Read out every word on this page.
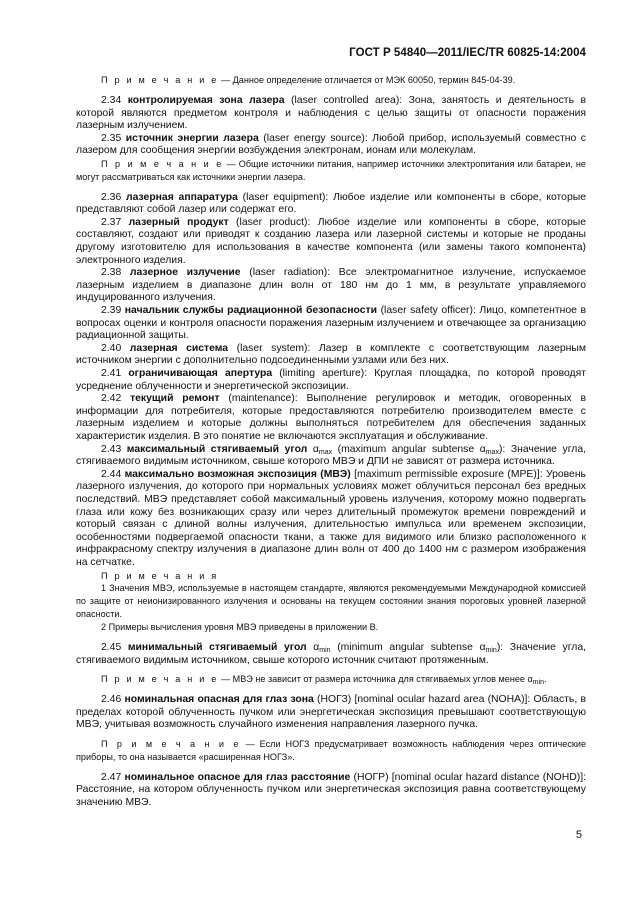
ГОСТ Р 54840—2011/IEC/TR 60825-14:2004

П р и м е ч а н и е — Данное определение отличается от МЭК 60050, термин 845-04-39.

2.34 контролируемая зона лазера (laser controlled area): Зона, занятость и деятельность в которой являются предметом контроля и наблюдения с целью защиты от опасности поражения лазерным излучением.

2.35 источник энергии лазера (laser energy source): Любой прибор, используемый совместно с лазером для сообщения энергии возбуждения электронам, ионам или молекулам.

П р и м е ч а н и е — Общие источники питания, например источники электропитания или батареи, не могут рассматриваться как источники энергии лазера.

2.36 лазерная аппаратура (laser equipment): Любое изделие или компоненты в сборе, которые представляют собой лазер или содержат его.

2.37 лазерный продукт (laser product): Любое изделие или компоненты в сборе, которые составляют, создают или приводят к созданию лазера или лазерной системы и которые не проданы другому изготовителю для использования в качестве компонента (или замены такого компонента) электронного изделия.

2.38 лазерное излучение (laser radiation): Все электромагнитное излучение, испускаемое лазерным изделием в диапазоне длин волн от 180 нм до 1 мм, в результате управляемого индуцированного излучения.

2.39 начальник службы радиационной безопасности (laser safety officer): Лицо, компетентное в вопросах оценки и контроля опасности поражения лазерным излучением и отвечающее за организацию радиационной защиты.

2.40 лазерная система (laser system): Лазер в комплекте с соответствующим лазерным источником энергии с дополнительно подсоединенными узлами или без них.

2.41 ограничивающая апертура (limiting aperture): Круглая площадка, по которой проводят усреднение облученности и энергетической экспозиции.

2.42 текущий ремонт (maintenance): Выполнение регулировок и методик, оговоренных в информации для потребителя, которые предоставляются потребителю производителем вместе с лазерным изделием и которые должны выполняться потребителем для обеспечения заданных характеристик изделия. В это понятие не включаются эксплуатация и обслуживание.

2.43 максимальный стягиваемый угол $\alpha_{max}$ (maximum angular subtense $\alpha_{max}$): Значение угла, стягиваемого видимым источником, свыше которого МВЭ и ДПИ не зависят от размера источника.

2.44 максимально возможная экспозиция (МВЭ) [maximum permissible exposure (MPE)]: Уровень лазерного излучения, до которого при нормальных условиях может облучиться персонал без вредных последствий. МВЭ представляет собой максимальный уровень излучения, которому можно подвергать глаза или кожу без возникающих сразу или через длительный промежуток времени повреждений и который связан с длиной волны излучения, длительностью импульса или временем экспозиции, особенностями подвергаемой опасности ткани, а также для видимого или близко расположенного к инфракрасному спектру излучения в диапазоне длин волн от 400 до 1400 нм с размером изображения на сетчатке.

П р и м е ч а н и я

1 Значения МВЭ, используемые в настоящем стандарте, являются рекомендуемыми Международной комиссией по защите от неионизированного излучения и основаны на текущем состоянии знания пороговых уровней лазерной опасности.

2 Примеры вычисления уровня МВЭ приведены в приложении В.

2.45 минимальный стягиваемый угол $\alpha_{min}$ (minimum angular subtense $\alpha_{min}$): Значение угла, стягиваемого видимым источником, свыше которого источник считают протяженным.

П р и м е ч а н и е — МВЭ не зависит от размера источника для стягиваемых углов менее $\alpha_{min}$.

2.46 номинальная опасная для глаз зона (НОГЗ) [nominal ocular hazard area (NOHA)]: Область, в пределах которой облученность пучком или энергетическая экспозиция превышают соответствующую МВЭ, учитывая возможность случайного изменения направления лазерного пучка.

П р и м е ч а н и е — Если НОГЗ предусматривает возможность наблюдения через оптические приборы, то она называется «расширенная НОГЗ».

2.47 номинальное опасное для глаз расстояние (НОГР) [nominal ocular hazard distance (NOHD)]: Расстояние, на котором облученность пучком или энергетическая экспозиция равна соответствующему значению МВЭ.

5
